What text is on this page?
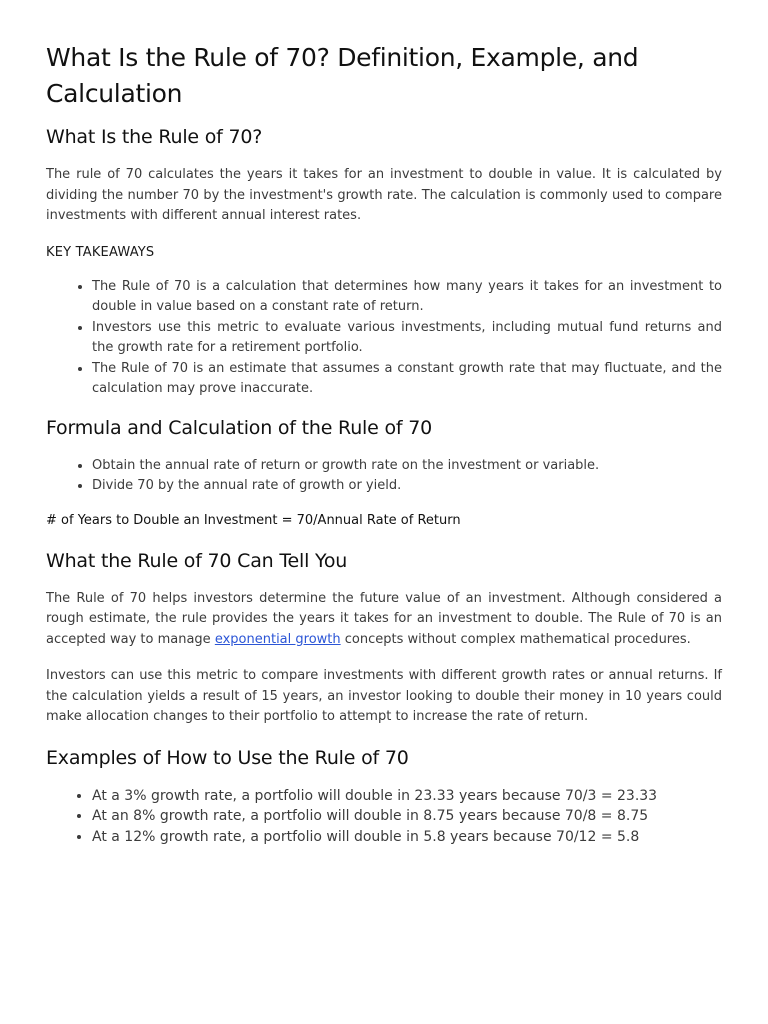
What Is the Rule of 70? Definition, Example, and Calculation
What Is the Rule of 70?

The rule of 70 calculates the years it takes for an investment to double in value. It is calculated by dividing the number 70 by the investment's growth rate. The calculation is commonly used to compare investments with different annual interest rates.

KEY TAKEAWAYS
• The Rule of 70 is a calculation that determines how many years it takes for an investment to double in value based on a constant rate of return.
• Investors use this metric to evaluate various investments, including mutual fund returns and the growth rate for a retirement portfolio.
• The Rule of 70 is an estimate that assumes a constant growth rate that may fluctuate, and the calculation may prove inaccurate.
Formula and Calculation of the Rule of 70
• Obtain the annual rate of return or growth rate on the investment or variable.
• Divide 70 by the annual rate of growth or yield.
# of Years to Double an Investment = 70/Annual Rate of Return
What the Rule of 70 Can Tell You

The Rule of 70 helps investors determine the future value of an investment. Although considered a rough estimate, the rule provides the years it takes for an investment to double. The Rule of 70 is an accepted way to manage exponential growth concepts without complex mathematical procedures.

Investors can use this metric to compare investments with different growth rates or annual returns. If the calculation yields a result of 15 years, an investor looking to double their money in 10 years could make allocation changes to their portfolio to attempt to increase the rate of return.

Examples of How to Use the Rule of 70
• At a 3% growth rate, a portfolio will double in 23.33 years because 70/3 = 23.33
• At an 8% growth rate, a portfolio will double in 8.75 years because 70/8 = 8.75
• At a 12% growth rate, a portfolio will double in 5.8 years because 70/12 = 5.8
